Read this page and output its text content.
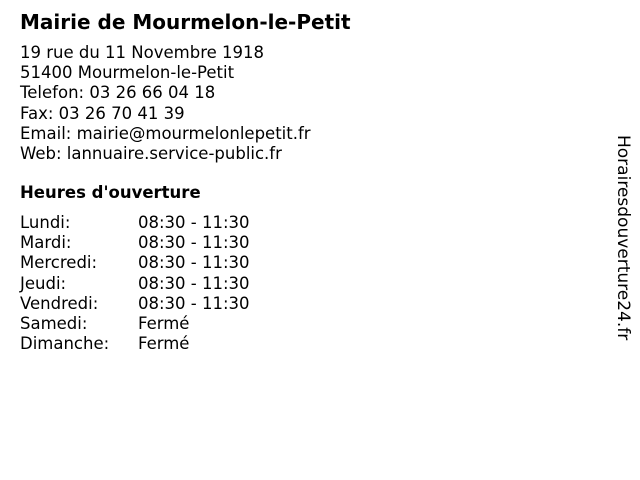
Mairie de Mourmelon-le-Petit
19 rue du 11 Novembre 1918
51400 Mourmelon-le-Petit
Telefon: 03 26 66 04 18
Fax: 03 26 70 41 39
Email: mairie@mourmelonlepetit.fr
Web: lannuaire.service-public.fr
Heures d'ouverture
Lundi:	08:30 - 11:30
Mardi:	08:30 - 11:30
Mercredi:	08:30 - 11:30
Jeudi:	08:30 - 11:30
Vendredi:	08:30 - 11:30
Samedi:	Fermé
Dimanche:	Fermé
Horairesdouverture24.fr
